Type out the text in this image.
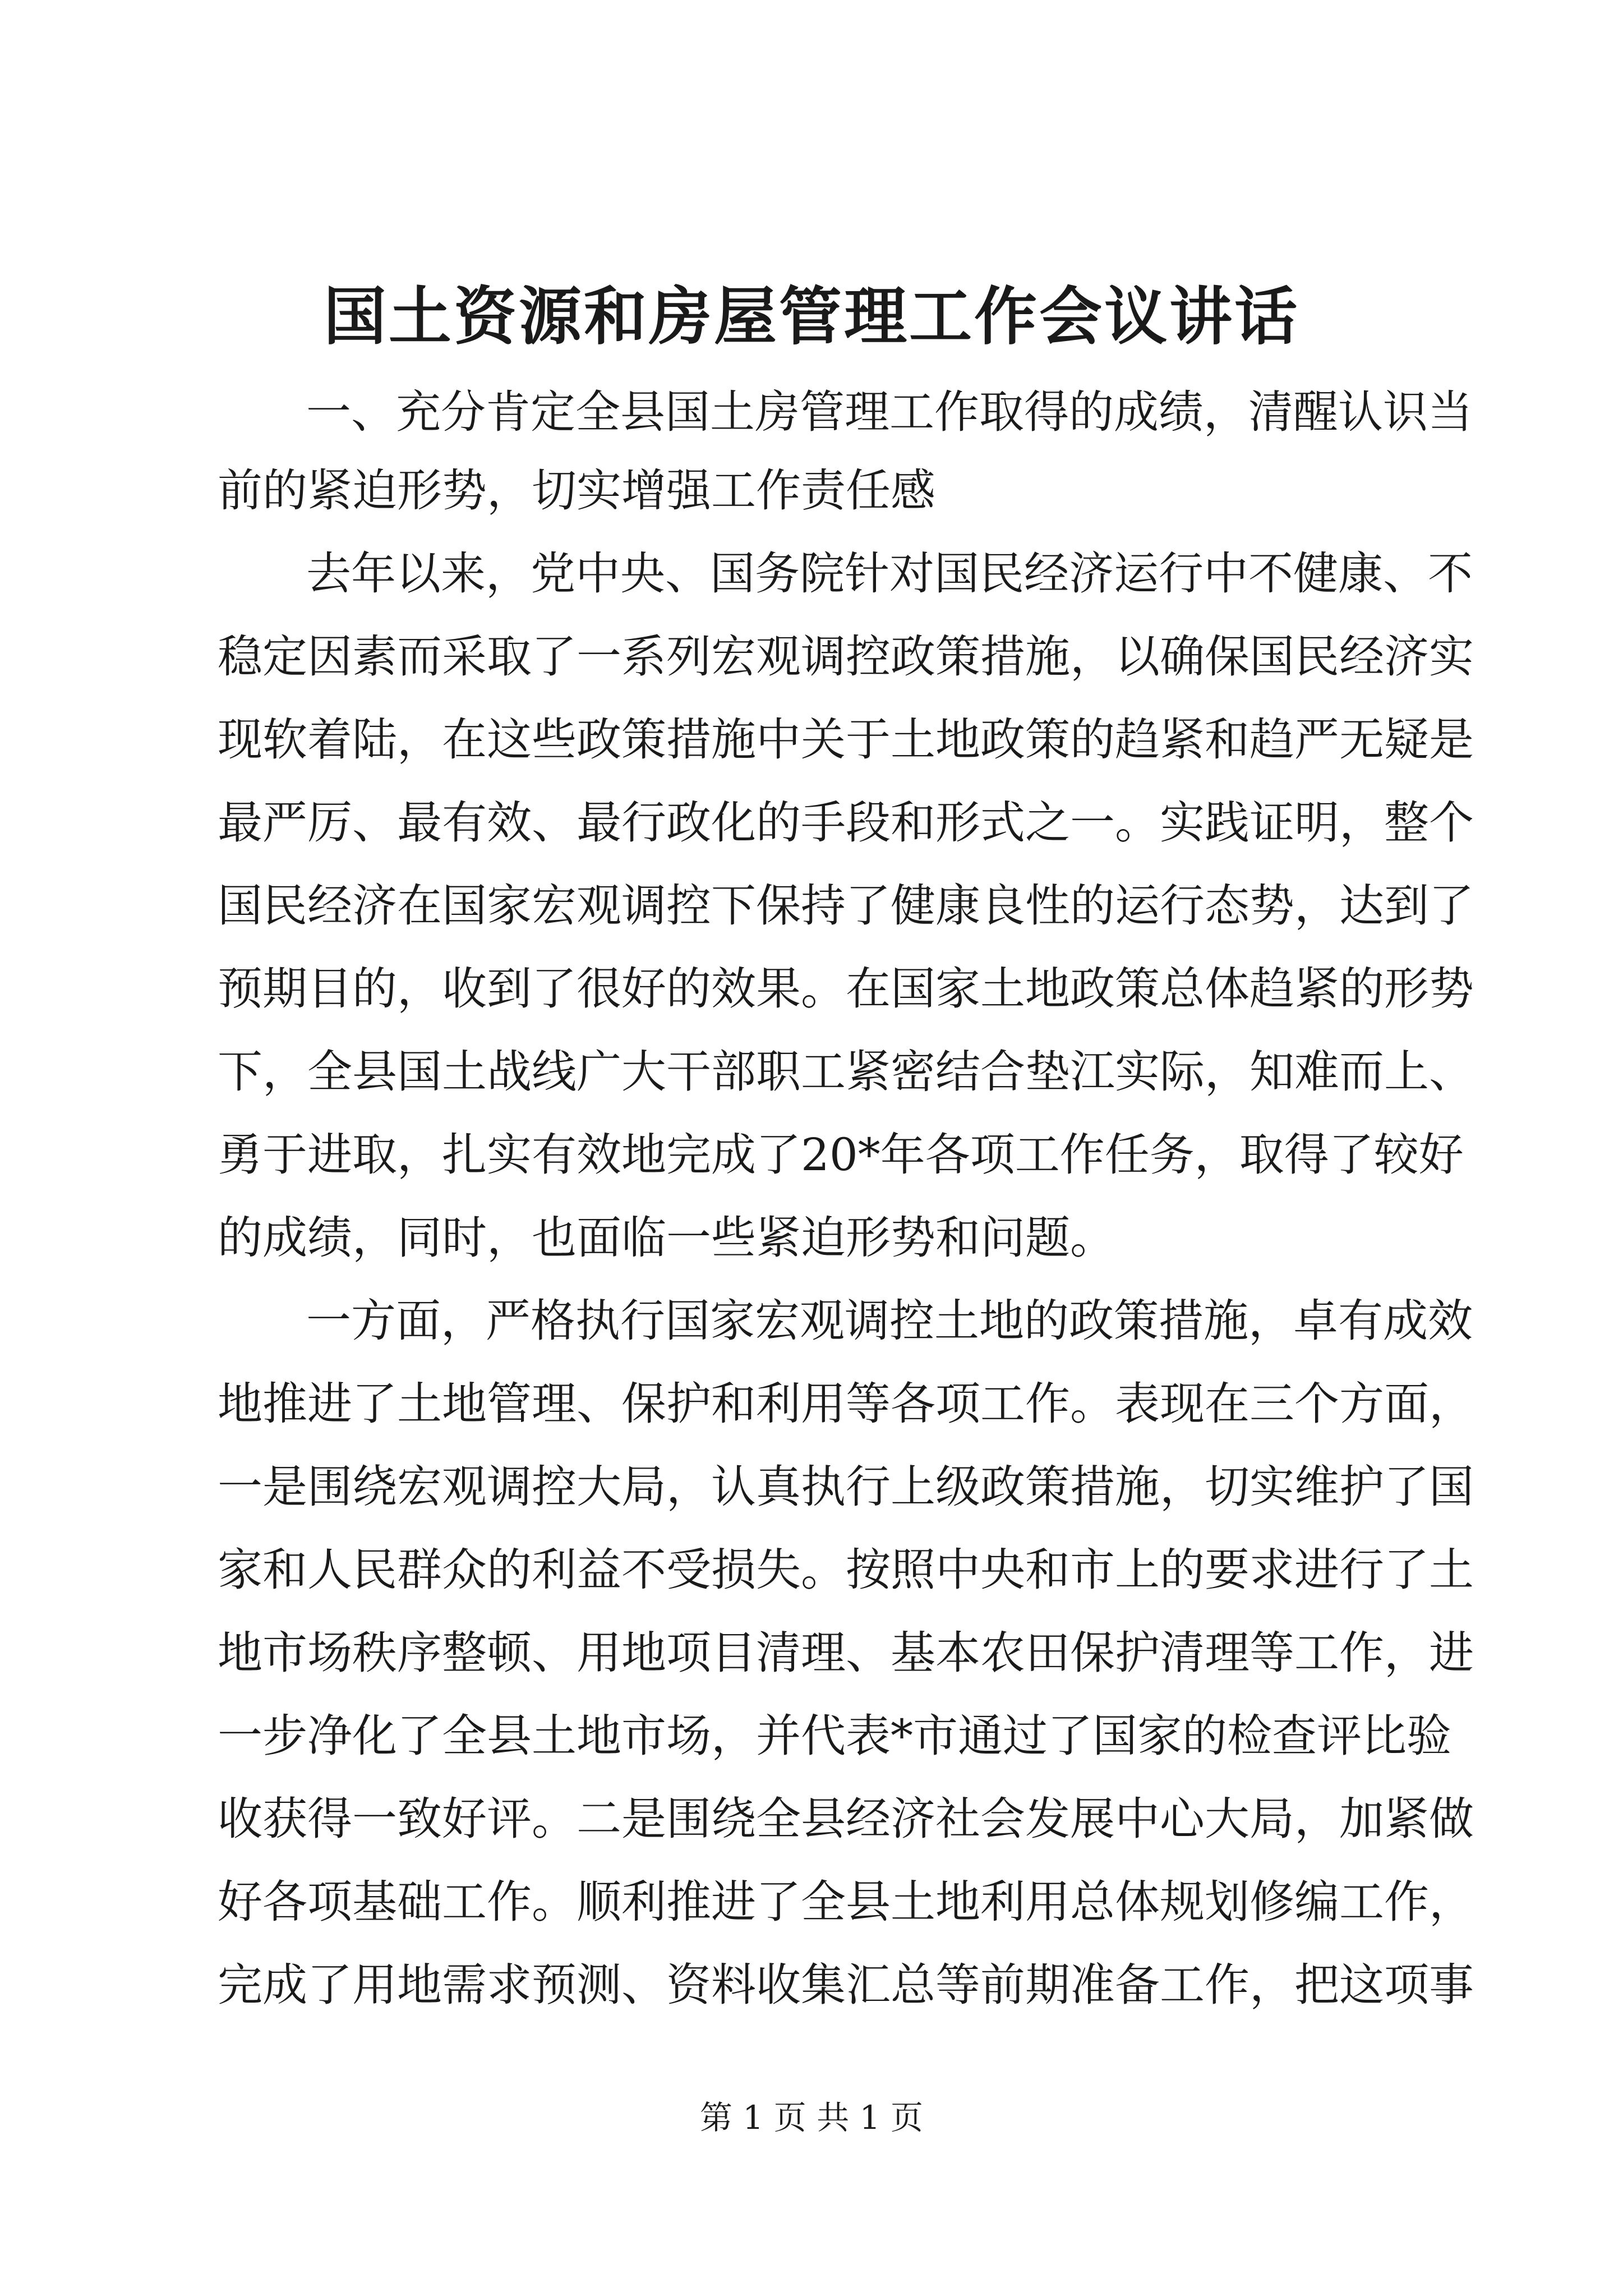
国土资源和房屋管理工作会议讲话
一、充分肯定全县国土房管理工作取得的成绩，清醒认识当
前的紧迫形势，切实增强工作责任感
去年以来，党中央、国务院针对国民经济运行中不健康、不
稳定因素而采取了一系列宏观调控政策措施，以确保国民经济实
现软着陆，在这些政策措施中关于土地政策的趋紧和趋严无疑是
最严厉、最有效、最行政化的手段和形式之一。实践证明，整个
国民经济在国家宏观调控下保持了健康良性的运行态势，达到了
预期目的，收到了很好的效果。在国家土地政策总体趋紧的形势
下，全县国土战线广大干部职工紧密结合垫江实际，知难而上、
勇于进取，扎实有效地完成了20*年各项工作任务，取得了较好
的成绩，同时，也面临一些紧迫形势和问题。
一方面，严格执行国家宏观调控土地的政策措施，卓有成效
地推进了土地管理、保护和利用等各项工作。表现在三个方面，
一是围绕宏观调控大局，认真执行上级政策措施，切实维护了国
家和人民群众的利益不受损失。按照中央和市上的要求进行了土
地市场秩序整顿、用地项目清理、基本农田保护清理等工作，进
一步净化了全县土地市场，并代表*市通过了国家的检查评比验
收获得一致好评。二是围绕全县经济社会发展中心大局，加紧做
好各项基础工作。顺利推进了全县土地利用总体规划修编工作，
完成了用地需求预测、资料收集汇总等前期准备工作，把这项事
第 1 页 共 1 页
